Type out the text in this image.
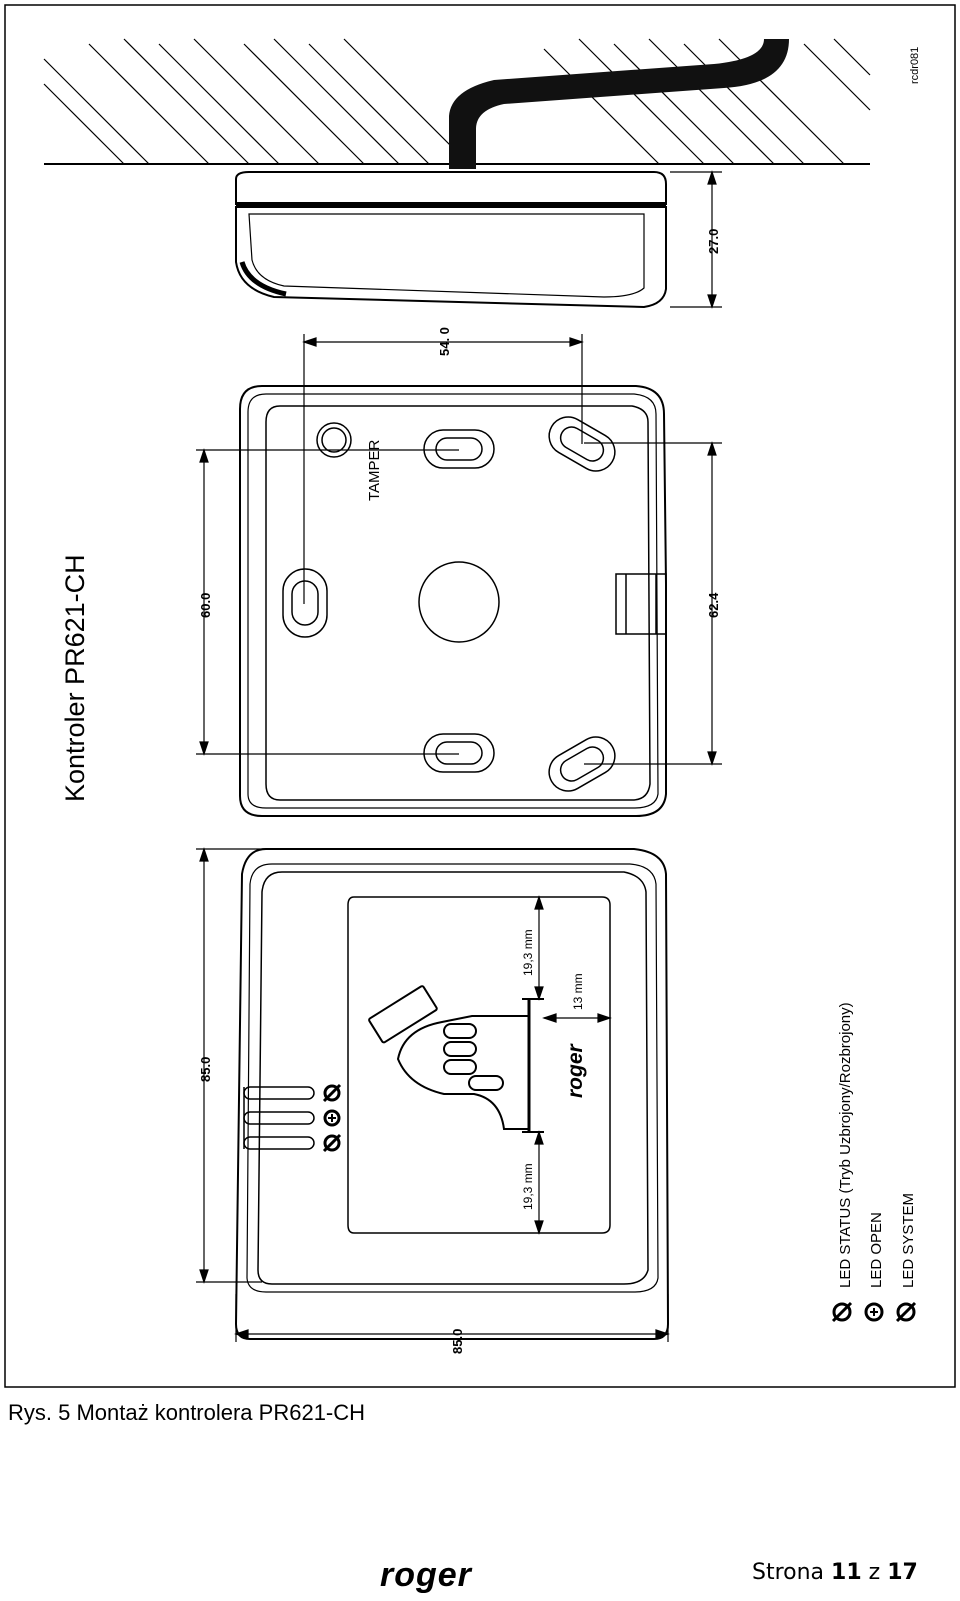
27.0
rcdr081
TAMPER
54. 0
60.0	62.4
Kontroler PR621-CH
roger
19,3 mm
19,3 mm
13 mm
85.0
85.0
LED STATUS (Tryb Uzbrojony/Rozbrojony) LED OPEN LED SYSTEM
Rys. 5 Montaż kontrolera PR621-CH
roger	Strona 11 z 17
